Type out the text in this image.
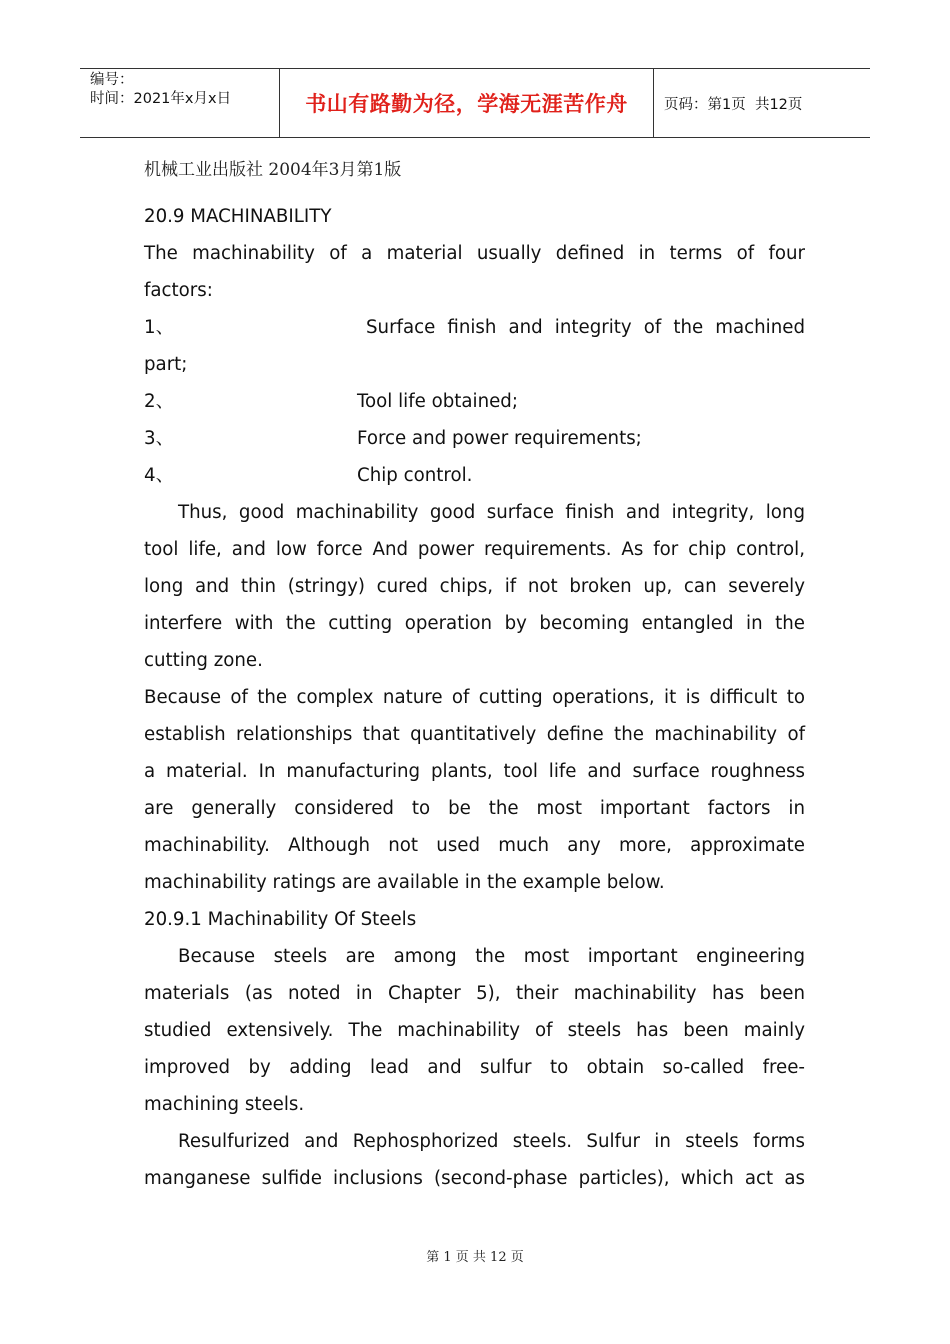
编号：
时间：2021年x月x日	书山有路勤为径，学海无涯苦作舟	页码：第1页  共12页
机械工业出版社 2004年3月第1版
20.9 MACHINABILITY
The machinability of a material usually defined in terms of four
factors:
1、	Surface finish and integrity of the machined
part;
2、	Tool life obtained;
3、	Force and power requirements;
4、	Chip control.
Thus, good machinability good surface finish and integrity, long
tool life, and low force And power requirements. As for chip control,
long and thin (stringy) cured chips, if not broken up, can severely
interfere with the cutting operation by becoming entangled in the
cutting zone.
Because of the complex nature of cutting operations, it is difficult to
establish relationships that quantitatively define the machinability of
a material. In manufacturing plants, tool life and surface roughness
are generally considered to be the most important factors in
machinability. Although not used much any more, approximate
machinability ratings are available in the example below.
20.9.1 Machinability Of Steels
Because steels are among the most important engineering
materials (as noted in Chapter 5), their machinability has been
studied extensively. The machinability of steels has been mainly
improved by adding lead and sulfur to obtain so-called free-
machining steels.
Resulfurized and Rephosphorized steels. Sulfur in steels forms
manganese sulfide inclusions (second-phase particles), which act as
第 1 页 共 12 页
